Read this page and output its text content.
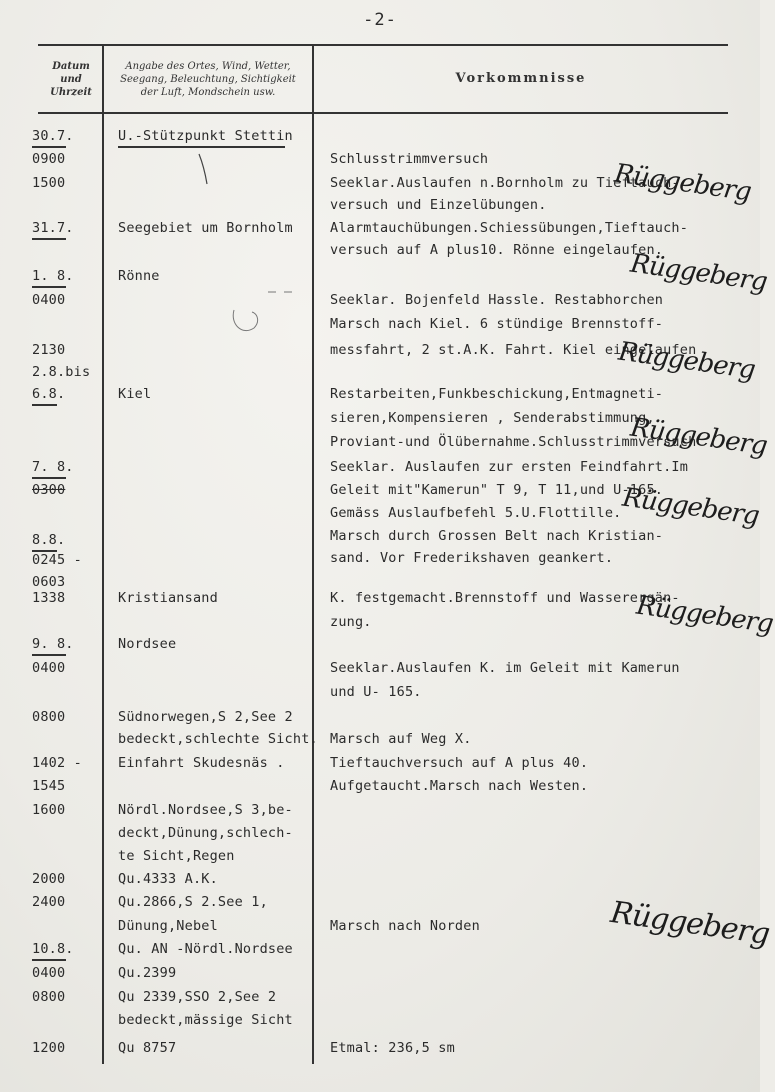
-2-
Datum
und
Uhrzeit
Angabe des Ortes, Wind, Wetter,
Seegang, Beleuchtung, Sichtigkeit
der Luft, Mondschein usw.
Vorkommnisse
30.7.
0900
1500
31.7.
1. 8.
0400
2130
2.8.bis
6.8.
7. 8.
0300
8.8.
0245 -
0603
1338
9. 8.
0400
0800
1402 -
1545
1600
2000
2400
10.8.
0400
0800
1200
U.-Stützpunkt Stettin
Seegebiet um Bornholm
Rönne
Kiel
Kristiansand
Nordsee
Südnorwegen,S 2,See 2
bedeckt,schlechte Sicht.
Einfahrt Skudesnäs .
Nördl.Nordsee,S 3,be-
deckt,Dünung,schlech-
te Sicht,Regen
Qu.4333 A.K.
Qu.2866,S 2.See 1,
Dünung,Nebel
Qu. AN -Nördl.Nordsee
Qu.2399
Qu 2339,SSO 2,See 2
bedeckt,mässige Sicht
Qu 8757
Schlusstrimmversuch
Seeklar.Auslaufen n.Bornholm zu Tieftauch-
versuch und Einzelübungen.
Alarmtauchübungen.Schiessübungen,Tieftauch-
versuch auf A plus10. Rönne eingelaufen.
Seeklar. Bojenfeld Hassle. Restabhorchen
Marsch nach Kiel. 6 stündige Brennstoff-
messfahrt, 2 st.A.K. Fahrt. Kiel eingelaufen
Restarbeiten,Funkbeschickung,Entmagneti-
sieren,Kompensieren , Senderabstimmung,
Proviant-und Ölübernahme.Schlusstrimmversuch
Seeklar. Auslaufen zur ersten Feindfahrt.Im
Geleit mit"Kamerun" T 9, T 11,und U-165.
Gemäss Auslaufbefehl 5.U.Flottille.
Marsch durch Grossen Belt nach Kristian-
sand. Vor Frederikshaven geankert.
K. festgemacht.Brennstoff und Wasserergän-
zung.
Seeklar.Auslaufen K. im Geleit mit Kamerun
und U- 165.
Marsch auf Weg X.
Tieftauchversuch auf A plus 40.
Aufgetaucht.Marsch nach Westen.
Marsch nach Norden
Etmal: 236,5 sm
Rüggeberg
Rüggeberg
Rüggeberg
Rüggeberg
Rüggeberg
Rüggeberg
Rüggeberg
